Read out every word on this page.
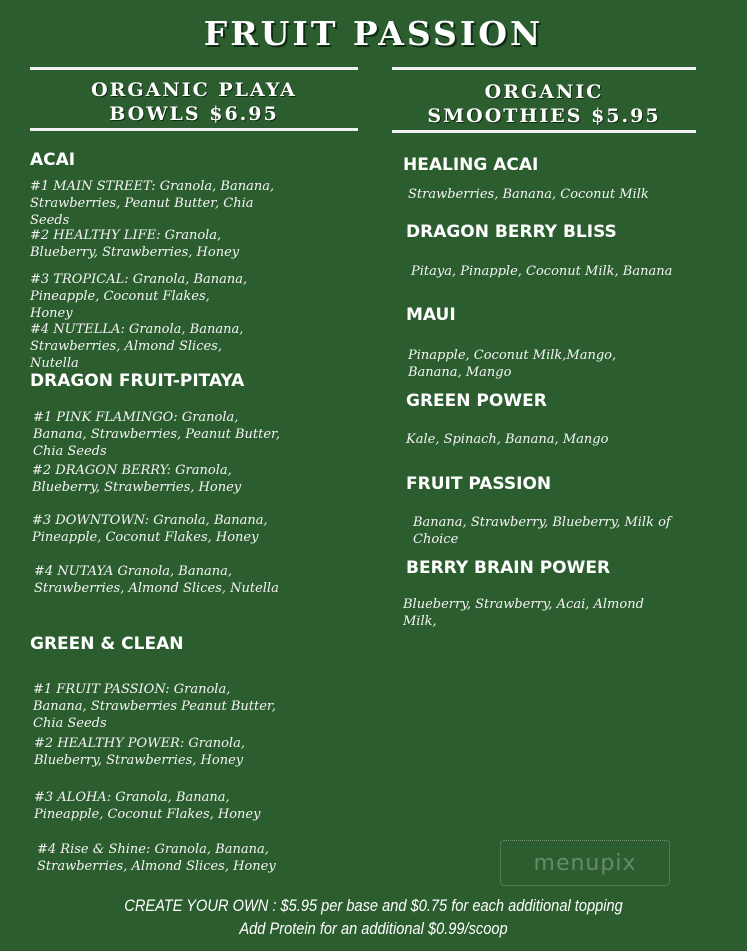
FRUIT PASSION
ORGANIC PLAYA
BOWLS $6.95
ORGANIC
SMOOTHIES $5.95
ACAI
#1 MAIN STREET: Granola, Banana, Strawberries, Peanut Butter, Chia Seeds
#2 HEALTHY LIFE: Granola, Blueberry, Strawberries, Honey
#3 TROPICAL: Granola, Banana, Pineapple, Coconut Flakes, Honey
#4 NUTELLA: Granola, Banana, Strawberries, Almond Slices, Nutella
DRAGON FRUIT-PITAYA
#1 PINK FLAMINGO: Granola, Banana, Strawberries, Peanut Butter, Chia Seeds
#2 DRAGON BERRY: Granola, Blueberry, Strawberries, Honey
#3 DOWNTOWN: Granola, Banana, Pineapple, Coconut Flakes, Honey
#4 NUTAYA Granola, Banana, Strawberries, Almond Slices, Nutella
GREEN & CLEAN
#1 FRUIT PASSION: Granola, Banana, Strawberries Peanut Butter, Chia Seeds
#2 HEALTHY POWER: Granola, Blueberry, Strawberries, Honey
#3 ALOHA: Granola, Banana, Pineapple, Coconut Flakes, Honey
#4 Rise & Shine: Granola, Banana, Strawberries, Almond Slices, Honey
HEALING ACAI
Strawberries, Banana, Coconut Milk
DRAGON BERRY BLISS
Pitaya, Pinapple, Coconut Milk, Banana
MAUI
Pinapple, Coconut Milk,Mango, Banana, Mango
GREEN POWER
Kale, Spinach, Banana, Mango
FRUIT PASSION
Banana, Strawberry, Blueberry, Milk of Choice
BERRY BRAIN POWER
Blueberry, Strawberry, Acai, Almond Milk,
menupix
CREATE YOUR OWN : $5.95 per base and $0.75 for each additional topping
Add Protein for an additional $0.99/scoop
